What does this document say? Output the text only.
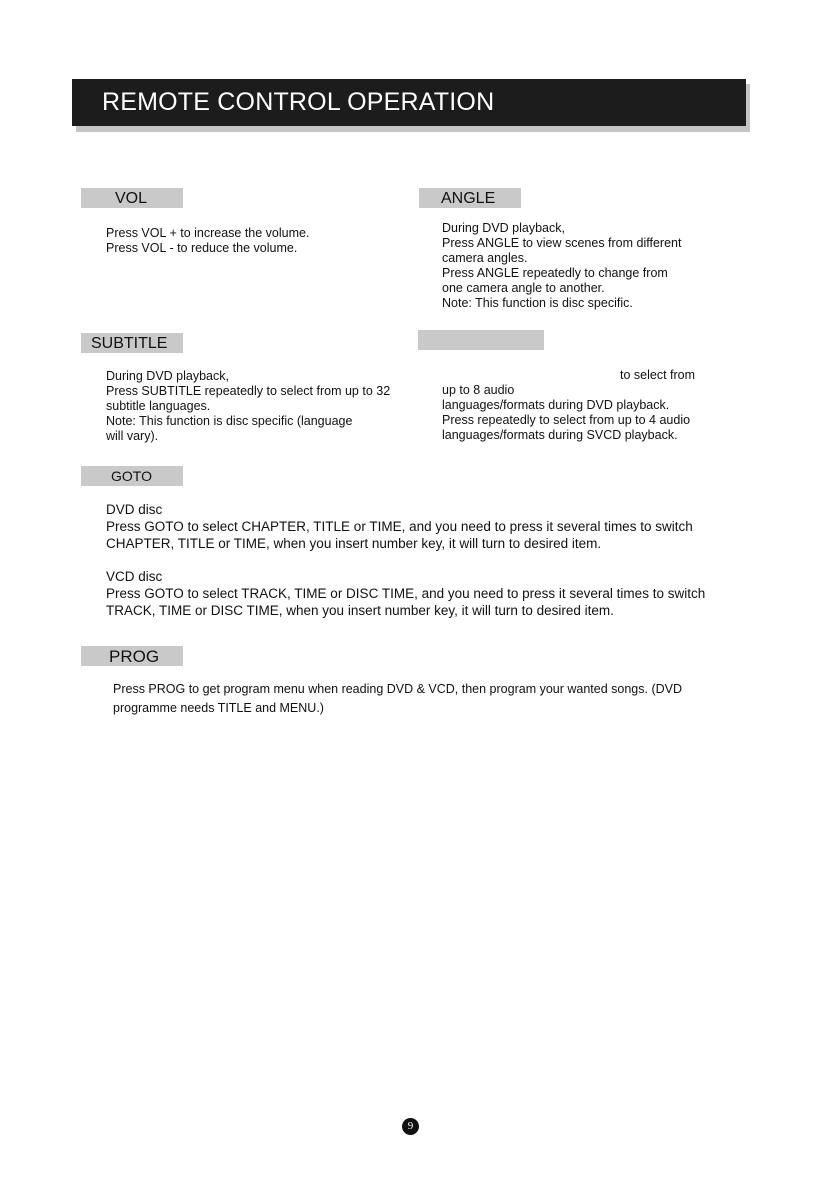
REMOTE CONTROL OPERATION
VOL
Press VOL + to increase the volume.
Press VOL - to reduce the volume.
ANGLE
During DVD playback,
Press ANGLE to view scenes from different
camera angles.
Press ANGLE repeatedly to change from
one camera angle to another.
Note: This function is disc specific.
SUBTITLE
During DVD playback,
Press SUBTITLE repeatedly to select from up to 32
subtitle languages.
Note: This function is disc specific (language
will vary).
to select from
up to 8 audio
languages/formats during DVD playback.
Press repeatedly to select from up to 4 audio
languages/formats during SVCD playback.
GOTO
DVD disc
Press GOTO to select CHAPTER, TITLE or TIME, and you need to press it several times to switch
CHAPTER, TITLE or TIME, when you insert number key, it will turn to desired item.
VCD disc
Press GOTO to select TRACK, TIME or DISC TIME, and you need to press it several times to switch
TRACK, TIME or DISC TIME, when you insert number key, it will turn to desired item.
PROG
Press PROG to get program menu when reading DVD & VCD, then program your wanted songs. (DVD
programme needs TITLE and MENU.)
9
